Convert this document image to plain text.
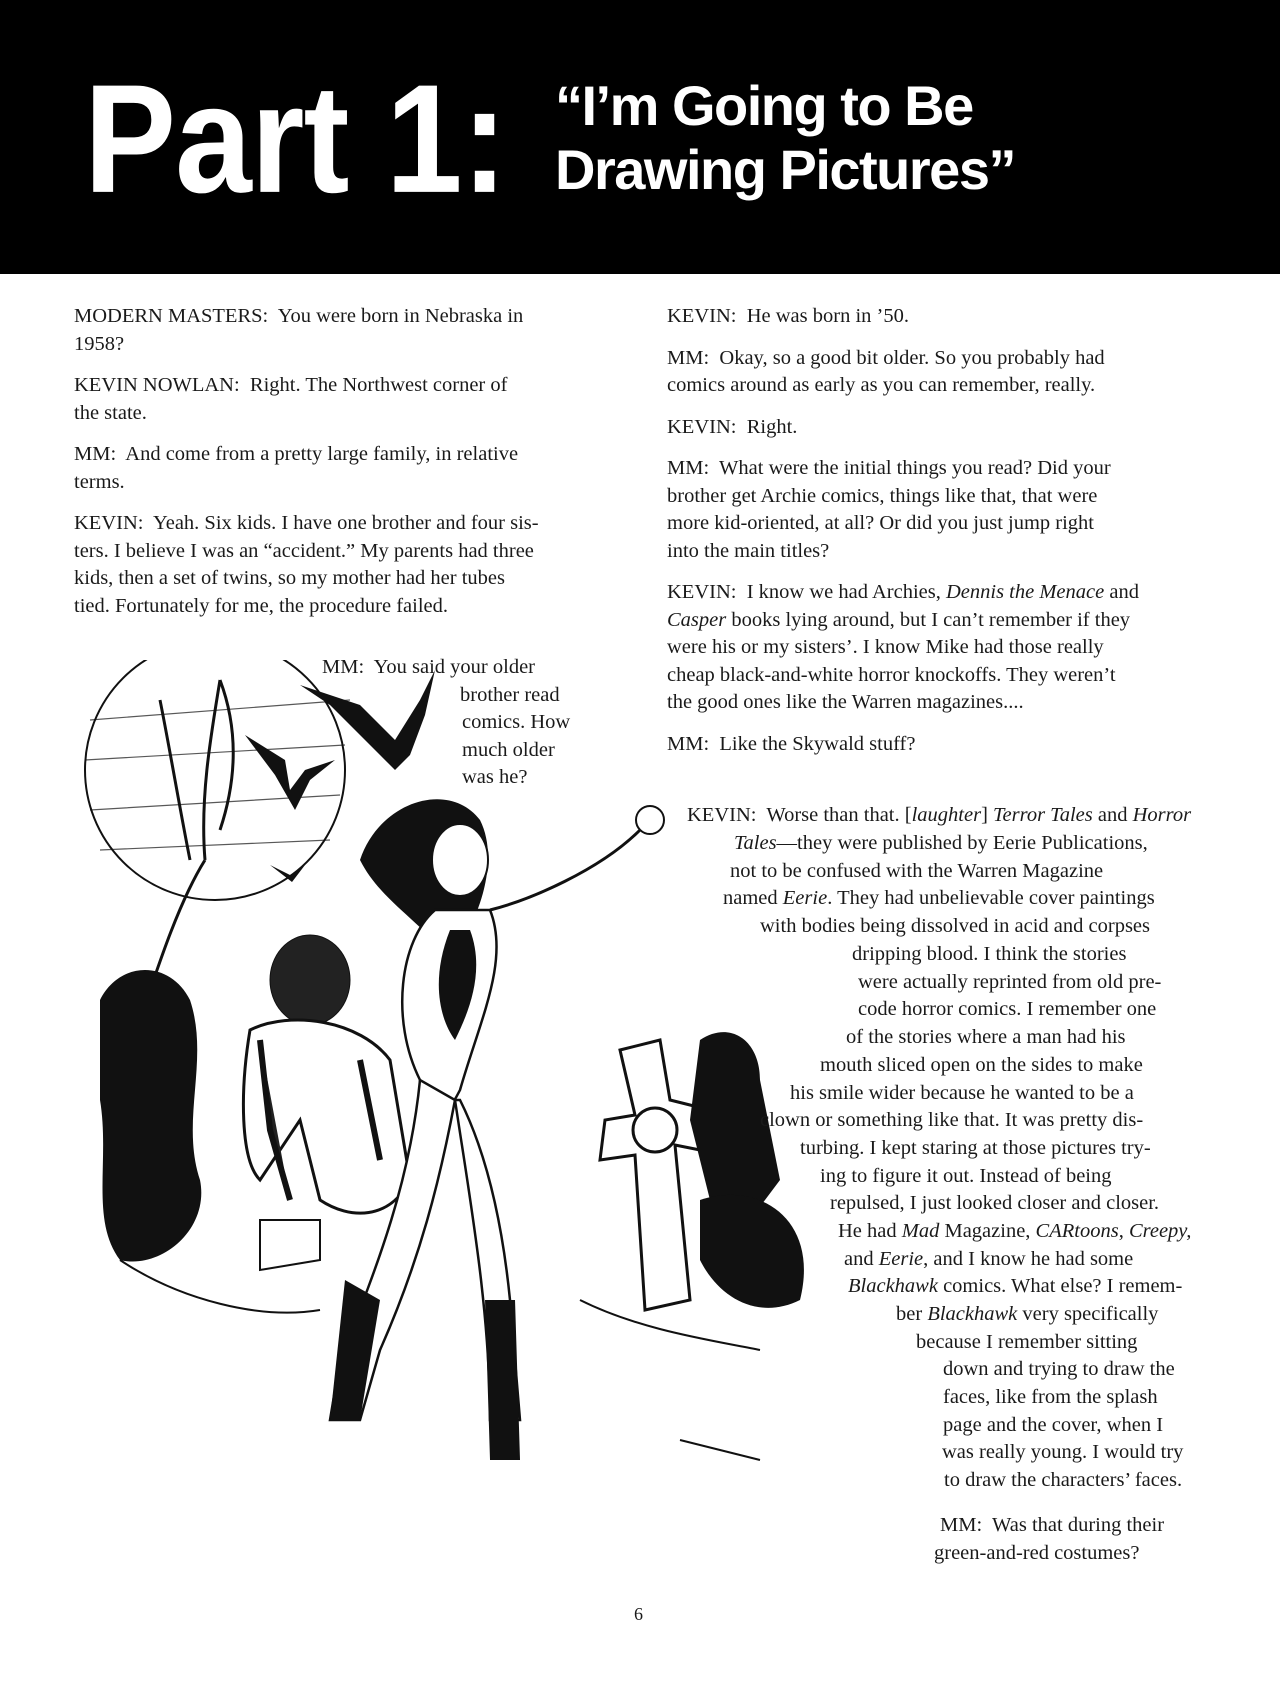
Part 1: “I’m Going to Be
Drawing Pictures”

MODERN MASTERS: You were born in Nebraska in
1958?

KEVIN NOWLAN: Right. The Northwest corner of
the state.

MM: And come from a pretty large family, in relative
terms.

KEVIN: Yeah. Six kids. I have one brother and four sis-
ters. I believe I was an “accident.” My parents had three
kids, then a set of twins, so my mother had her tubes
tied. Fortunately for me, the procedure failed.

MM: You said your older
brother read
comics. How
much older
was he?

KEVIN: He was born in ’50.

MM: Okay, so a good bit older. So you probably had
comics around as early as you can remember, really.

KEVIN: Right.

MM: What were the initial things you read? Did your
brother get Archie comics, things like that, that were
more kid-oriented, at all? Or did you just jump right
into the main titles?

KEVIN: I know we had Archies, Dennis the Menace and
Casper books lying around, but I can’t remember if they
were his or my sisters’. I know Mike had those really
cheap black-and-white horror knockoffs. They weren’t
the good ones like the Warren magazines....

MM: Like the Skywald stuff?

KEVIN: Worse than that. [laughter] Terror Tales and Horror
Tales—they were published by Eerie Publications,
not to be confused with the Warren Magazine
named Eerie. They had unbelievable cover paintings
with bodies being dissolved in acid and corpses
dripping blood. I think the stories
were actually reprinted from old pre-
code horror comics. I remember one
of the stories where a man had his
mouth sliced open on the sides to make
his smile wider because he wanted to be a
clown or something like that. It was pretty dis-
turbing. I kept staring at those pictures try-
ing to figure it out. Instead of being
repulsed, I just looked closer and closer.
He had Mad Magazine, CARtoons, Creepy,
and Eerie, and I know he had some
Blackhawk comics. What else? I remem-
ber Blackhawk very specifically
because I remember sitting
down and trying to draw the
faces, like from the splash
page and the cover, when I
was really young. I would try
to draw the characters’ faces.
MM: Was that during their
green-and-red costumes?
6
